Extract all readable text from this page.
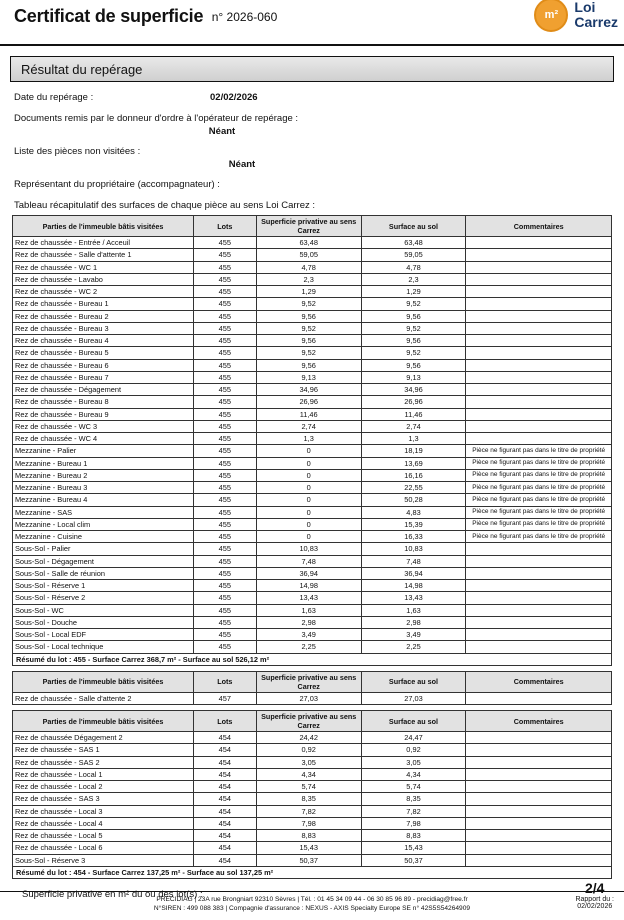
Certificat de superficie n° 2026-060	m² Loi
Carrez
Résultat du repérage
Date du repérage :	02/02/2026
Documents remis par le donneur d'ordre à l'opérateur de repérage :
Néant
Liste des pièces non visitées :
Néant
Représentant du propriétaire (accompagnateur) :
Tableau récapitulatif des surfaces de chaque pièce au sens Loi Carrez :
Parties de l'immeuble bâtis visitées	Lots	Superficie privative au sens Carrez	Surface au sol	Commentaires
Rez de chaussée - Entrée / Acceuil	455	63,48	63,48	
Rez de chaussée - Salle d'attente 1	455	59,05	59,05	
Rez de chaussée - WC 1	455	4,78	4,78	
Rez de chaussée - Lavabo	455	2,3	2,3	
Rez de chaussée - WC 2	455	1,29	1,29	
Rez de chaussée - Bureau 1	455	9,52	9,52	
Rez de chaussée - Bureau 2	455	9,56	9,56	
Rez de chaussée - Bureau 3	455	9,52	9,52	
Rez de chaussée - Bureau 4	455	9,56	9,56	
Rez de chaussée - Bureau 5	455	9,52	9,52	
Rez de chaussée - Bureau 6	455	9,56	9,56	
Rez de chaussée - Bureau 7	455	9,13	9,13	
Rez de chaussée - Dégagement	455	34,96	34,96	
Rez de chaussée - Bureau 8	455	26,96	26,96	
Rez de chaussée - Bureau 9	455	11,46	11,46	
Rez de chaussée - WC 3	455	2,74	2,74	
Rez de chaussée - WC 4	455	1,3	1,3	
Mezzanine - Palier	455	0	18,19	Pièce ne figurant pas dans le titre de propriété
Mezzanine - Bureau 1	455	0	13,69	Pièce ne figurant pas dans le titre de propriété
Mezzanine - Bureau 2	455	0	16,16	Pièce ne figurant pas dans le titre de propriété
Mezzanine - Bureau 3	455	0	22,55	Pièce ne figurant pas dans le titre de propriété
Mezzanine - Bureau 4	455	0	50,28	Pièce ne figurant pas dans le titre de propriété
Mezzanine - SAS	455	0	4,83	Pièce ne figurant pas dans le titre de propriété
Mezzanine - Local clim	455	0	15,39	Pièce ne figurant pas dans le titre de propriété
Mezzanine - Cuisine	455	0	16,33	Pièce ne figurant pas dans le titre de propriété
Sous-Sol - Palier	455	10,83	10,83	
Sous-Sol - Dégagement	455	7,48	7,48	
Sous-Sol - Salle de réunion	455	36,94	36,94	
Sous-Sol - Réserve 1	455	14,98	14,98	
Sous-Sol - Réserve 2	455	13,43	13,43	
Sous-Sol - WC	455	1,63	1,63	
Sous-Sol - Douche	455	2,98	2,98	
Sous-Sol - Local EDF	455	3,49	3,49	
Sous-Sol - Local technique	455	2,25	2,25	
Résumé du lot : 455 - Surface Carrez 368,7 m² - Surface au sol 526,12 m²				
Parties de l'immeuble bâtis visitées	Lots	Superficie privative au sens Carrez	Surface au sol	Commentaires
Rez de chaussée - Salle d'attente 2	457	27,03	27,03	
Parties de l'immeuble bâtis visitées	Lots	Superficie privative au sens Carrez	Surface au sol	Commentaires
Rez de chaussée Dégagement 2	454	24,42	24,47	
Rez de chaussée - SAS 1	454	0,92	0,92	
Rez de chaussée - SAS 2	454	3,05	3,05	
Rez de chaussée - Local 1	454	4,34	4,34	
Rez de chaussée - Local 2	454	5,74	5,74	
Rez de chaussée - SAS 3	454	8,35	8,35	
Rez de chaussée - Local 3	454	7,82	7,82	
Rez de chaussée - Local 4	454	7,98	7,98	
Rez de chaussée - Local 5	454	8,83	8,83	
Rez de chaussée - Local 6	454	15,43	15,43	
Sous-Sol - Réserve 3	454	50,37	50,37	
Résumé du lot : 454 - Surface Carrez 137,25 m² - Surface au sol 137,25 m²				
Superficie privative en m² du ou des lot(s) :
PRECIDIAG | 23A rue Brongniart 92310 Sèvres | Tél. : 01 45 34 09 44 - 06 30 85 96 89 - precidiag@free.fr
N°SIREN : 499 088 383 | Compagnie d'assurance : NEXUS - AXIS Specialty Europe SE n° 42S5S54264909
2/4
Rapport du :
02/02/2026
